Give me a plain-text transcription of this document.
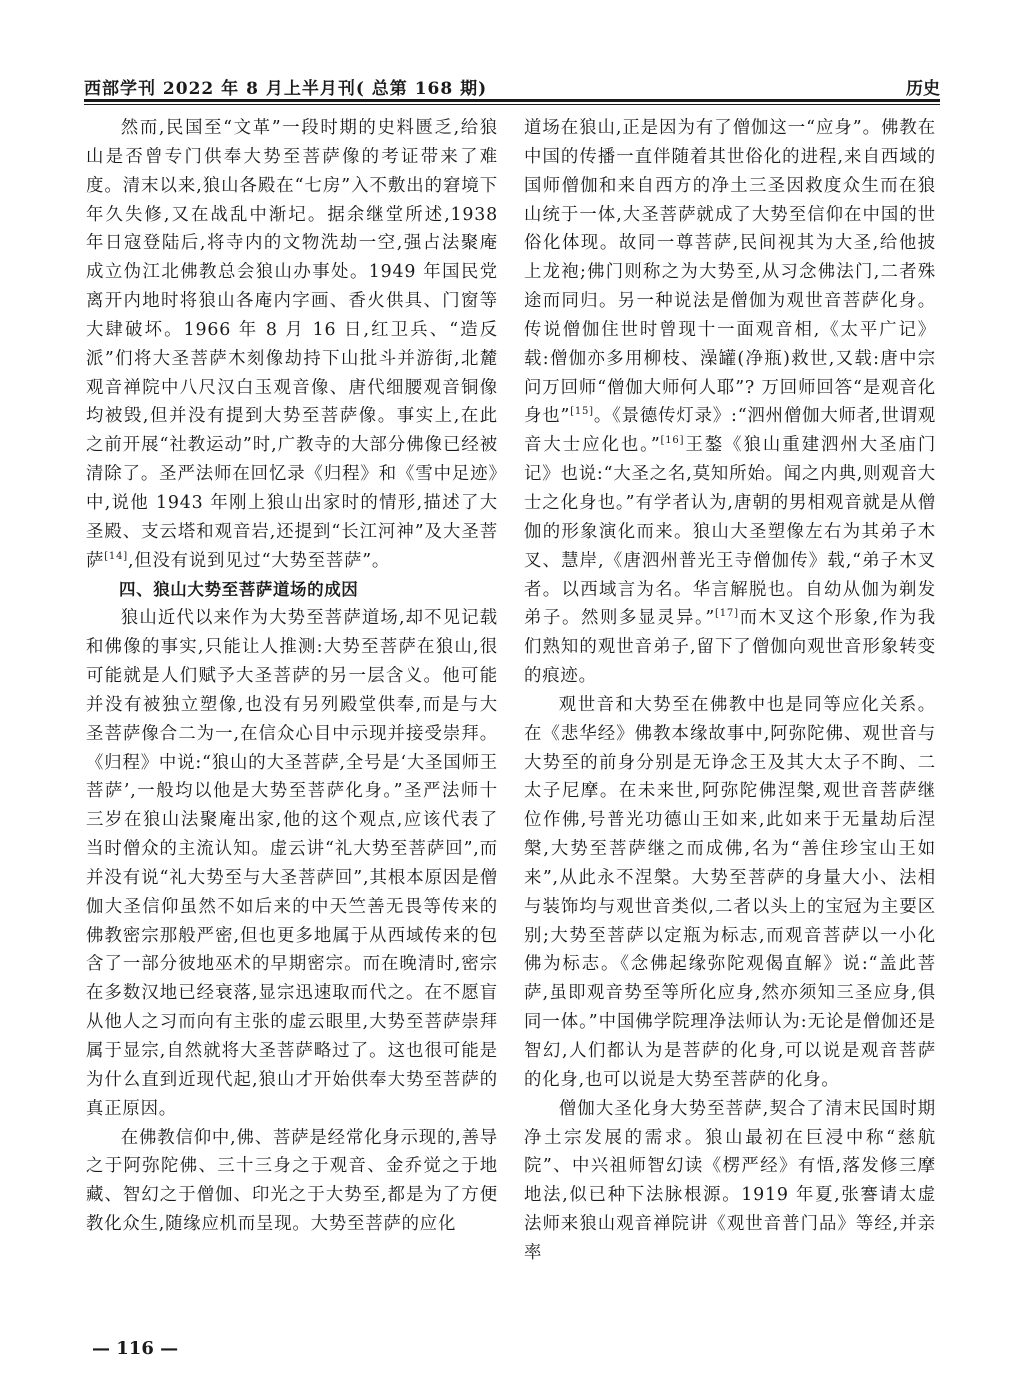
西部学刊 2022 年 8 月上半月刊( 总第 168 期)	历史

然而,民国至“文革”一段时期的史料匮乏,给狼山是否曾专门供奉大势至菩萨像的考证带来了难度。清末以来,狼山各殿在“七房”入不敷出的窘境下年久失修,又在战乱中渐圮。据余继堂所述,1938 年日寇登陆后,将寺内的文物洗劫一空,强占法聚庵成立伪江北佛教总会狼山办事处。1949 年国民党离开内地时将狼山各庵内字画、香火供具、门窗等大肆破坏。1966 年 8 月 16 日,红卫兵、“造反派”们将大圣菩萨木刻像劫持下山批斗并游街,北麓观音禅院中八尺汉白玉观音像、唐代细腰观音铜像均被毁,但并没有提到大势至菩萨像。事实上,在此之前开展“社教运动”时,广教寺的大部分佛像已经被清除了。圣严法师在回忆录《归程》和《雪中足迹》中,说他 1943 年刚上狼山出家时的情形,描述了大圣殿、支云塔和观音岩,还提到“长江河神”及大圣菩萨[14],但没有说到见过“大势至菩萨”。

四、狼山大势至菩萨道场的成因

狼山近代以来作为大势至菩萨道场,却不见记载和佛像的事实,只能让人推测:大势至菩萨在狼山,很可能就是人们赋予大圣菩萨的另一层含义。他可能并没有被独立塑像,也没有另列殿堂供奉,而是与大圣菩萨像合二为一,在信众心目中示现并接受崇拜。《归程》中说:“狼山的大圣菩萨,全号是‘大圣国师王菩萨’,一般均以他是大势至菩萨化身。”圣严法师十三岁在狼山法聚庵出家,他的这个观点,应该代表了当时僧众的主流认知。虚云讲“礼大势至菩萨回”,而并没有说“礼大势至与大圣菩萨回”,其根本原因是僧伽大圣信仰虽然不如后来的中天竺善无畏等传来的佛教密宗那般严密,但也更多地属于从西域传来的包含了一部分彼地巫术的早期密宗。而在晚清时,密宗在多数汉地已经衰落,显宗迅速取而代之。在不愿盲从他人之习而向有主张的虚云眼里,大势至菩萨崇拜属于显宗,自然就将大圣菩萨略过了。这也很可能是为什么直到近现代起,狼山才开始供奉大势至菩萨的真正原因。

在佛教信仰中,佛、菩萨是经常化身示现的,善导之于阿弥陀佛、三十三身之于观音、金乔觉之于地藏、智幻之于僧伽、印光之于大势至,都是为了方便教化众生,随缘应机而呈现。大势至菩萨的应化

道场在狼山,正是因为有了僧伽这一“应身”。佛教在中国的传播一直伴随着其世俗化的进程,来自西域的国师僧伽和来自西方的净土三圣因救度众生而在狼山统于一体,大圣菩萨就成了大势至信仰在中国的世俗化体现。故同一尊菩萨,民间视其为大圣,给他披上龙袍;佛门则称之为大势至,从习念佛法门,二者殊途而同归。另一种说法是僧伽为观世音菩萨化身。传说僧伽住世时曾现十一面观音相,《太平广记》载:僧伽亦多用柳枝、澡罐(净瓶)救世,又载:唐中宗问万回师“僧伽大师何人耶”? 万回师回答“是观音化身也”[15]。《景德传灯录》:“泗州僧伽大师者,世谓观音大士应化也。”[16]王鏊《狼山重建泗州大圣庙门记》也说:“大圣之名,莫知所始。闻之内典,则观音大士之化身也。”有学者认为,唐朝的男相观音就是从僧伽的形象演化而来。狼山大圣塑像左右为其弟子木叉、慧岸,《唐泗州普光王寺僧伽传》载,“弟子木叉者。以西域言为名。华言解脱也。自幼从伽为剃发弟子。然则多显灵异。”[17]而木叉这个形象,作为我们熟知的观世音弟子,留下了僧伽向观世音形象转变的痕迹。

观世音和大势至在佛教中也是同等应化关系。在《悲华经》佛教本缘故事中,阿弥陀佛、观世音与大势至的前身分别是无诤念王及其大太子不眴、二太子尼摩。在未来世,阿弥陀佛涅槃,观世音菩萨继位作佛,号普光功德山王如来,此如来于无量劫后涅槃,大势至菩萨继之而成佛,名为“善住珍宝山王如来”,从此永不涅槃。大势至菩萨的身量大小、法相与装饰均与观世音类似,二者以头上的宝冠为主要区别;大势至菩萨以定瓶为标志,而观音菩萨以一小化佛为标志。《念佛起缘弥陀观偈直解》说:“盖此菩萨,虽即观音势至等所化应身,然亦须知三圣应身,俱同一体。”中国佛学院理净法师认为:无论是僧伽还是智幻,人们都认为是菩萨的化身,可以说是观音菩萨的化身,也可以说是大势至菩萨的化身。

僧伽大圣化身大势至菩萨,契合了清末民国时期净土宗发展的需求。狼山最初在巨浸中称“慈航院”、中兴祖师智幻读《楞严经》有悟,落发修三摩地法,似已种下法脉根源。1919 年夏,张謇请太虚法师来狼山观音禅院讲《观世音普门品》等经,并亲率

— 116 —
